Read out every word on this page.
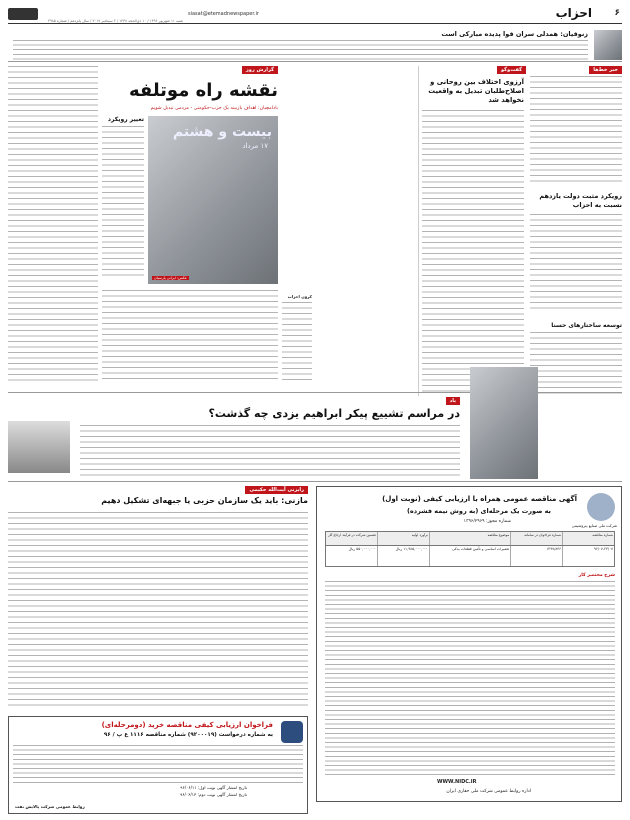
۶
احزاب
siasat@etemadnewspaper.ir
شنبه ۱۱ شهریور ۱۳۹۶ / ۱۰ ذی‌الحجه ۱۴۳۸ / ۲ سپتامبر ۲۰۱۷ / سال پانزدهم / شماره ۳۹۸۵
زنوقیان: همدلی سران قوا پدیده مبارکی است
خبر خط‌ها
رویکرد مثبت دولت یازدهم نسبت به احزاب
توسعه ساختارهای حسنا
گفت‌وگو
آرزوی اختلاف بین روحانی و اصلاح‌طلبان تبدیل به واقعیت نخواهد شد
گزارش روز
نقشه راه موتلفه
بادامچیان: اهداف بازبینه یک حزب-حکومتی - مردمی تبدیل شویم
بیست و هشتم
۱۷ مرداد
عکس: ایرانی پارسیان
تغییر رویکرد
کرون احزاب
یاد
در مراسم تشییع پیکر ابراهیم یزدی چه گذشت؟
رایزنی آیت‌الله حکیمی
مازنی: باید یک سازمان حزبی یا جبهه‌ای تشکیل دهیم
شرکت ملی صنایع پتروشیمی
آگهی مناقصه عمومی همراه با ارزیابی کیفی (نوبت اول)
به صورت یک مرحله‌ای (به روش نیمه فشرده)
شماره مجوز: ۱۳۹۶/۲۹۶۹
شماره مناقصه
شماره فراخوان در سامانه
موضوع مناقصه
برآورد اولیه
تضمین شرکت در فرآیند ارجاع کار
۹۶/۰۷-۲۳/۰۷
۱۴۹۷/۸۳۶
تعمیرات اساسی و تأمین قطعات یدکی
۱۱,۹۸۵,۰۰۰,۰۰۰ ریال
۵۵۰,۰۰۰,۰۰۰ ریال
شرح مختصر کار
WWW.NIDC.IR
اداره روابط عمومی شرکت ملی حفاری ایران
فراخوان ارزیابی کیفی مناقصه خرید (دومرحله‌ای)
به شماره درخواست (۹۲۰۰۰۱۹) شماره مناقصه ۱۱۱۶ ع پ / ۹۶
تاریخ انتشار آگهی نوبت اول: ۹۶/۰۶/۱۱
تاریخ انتشار آگهی نوبت دوم: ۹۶/۰۶/۱۳
روابط عمومی شرکت پالایش نفت
